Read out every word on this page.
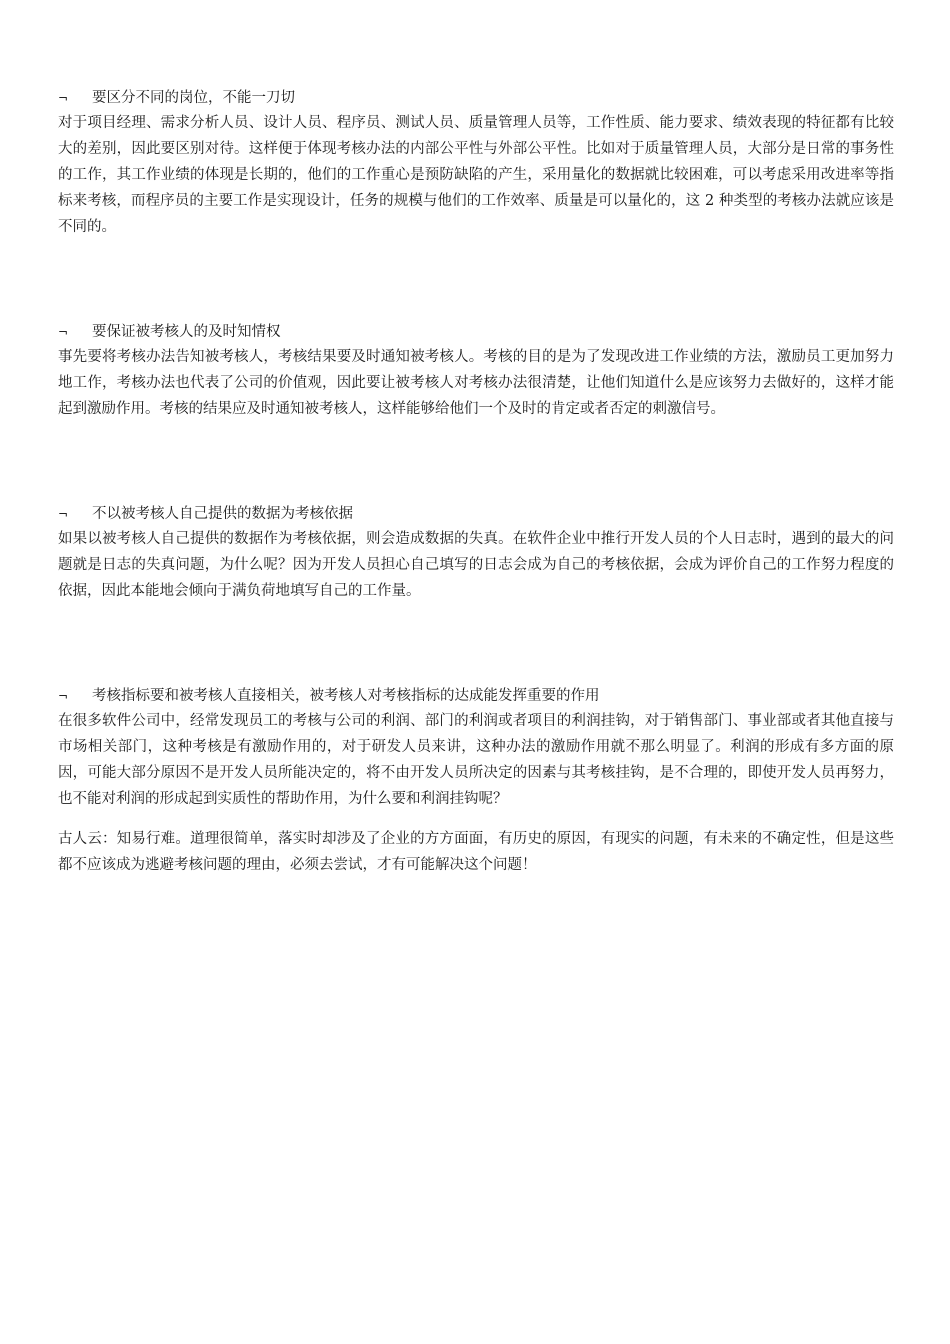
¬	要区分不同的岗位，不能一刀切

对于项目经理、需求分析人员、设计人员、程序员、测试人员、质量管理人员等，工作性质、能力要求、绩效表现的特征都有比较大的差别，因此要区别对待。这样便于体现考核办法的内部公平性与外部公平性。比如对于质量管理人员，大部分是日常的事务性的工作，其工作业绩的体现是长期的，他们的工作重心是预防缺陷的产生，采用量化的数据就比较困难，可以考虑采用改进率等指标来考核，而程序员的主要工作是实现设计，任务的规模与他们的工作效率、质量是可以量化的，这 2 种类型的考核办法就应该是不同的。

¬	要保证被考核人的及时知情权

事先要将考核办法告知被考核人，考核结果要及时通知被考核人。考核的目的是为了发现改进工作业绩的方法，激励员工更加努力地工作，考核办法也代表了公司的价值观，因此要让被考核人对考核办法很清楚，让他们知道什么是应该努力去做好的，这样才能起到激励作用。考核的结果应及时通知被考核人，这样能够给他们一个及时的肯定或者否定的刺激信号。

¬	不以被考核人自己提供的数据为考核依据

如果以被考核人自己提供的数据作为考核依据，则会造成数据的失真。在软件企业中推行开发人员的个人日志时，遇到的最大的问题就是日志的失真问题，为什么呢？因为开发人员担心自己填写的日志会成为自己的考核依据，会成为评价自己的工作努力程度的依据，因此本能地会倾向于满负荷地填写自己的工作量。

¬	考核指标要和被考核人直接相关，被考核人对考核指标的达成能发挥重要的作用

在很多软件公司中，经常发现员工的考核与公司的利润、部门的利润或者项目的利润挂钩，对于销售部门、事业部或者其他直接与市场相关部门，这种考核是有激励作用的，对于研发人员来讲，这种办法的激励作用就不那么明显了。利润的形成有多方面的原因，可能大部分原因不是开发人员所能决定的，将不由开发人员所决定的因素与其考核挂钩，是不合理的，即使开发人员再努力，也不能对利润的形成起到实质性的帮助作用，为什么要和利润挂钩呢？

古人云：知易行难。道理很简单，落实时却涉及了企业的方方面面，有历史的原因，有现实的问题，有未来的不确定性，但是这些都不应该成为逃避考核问题的理由，必须去尝试，才有可能解决这个问题！
